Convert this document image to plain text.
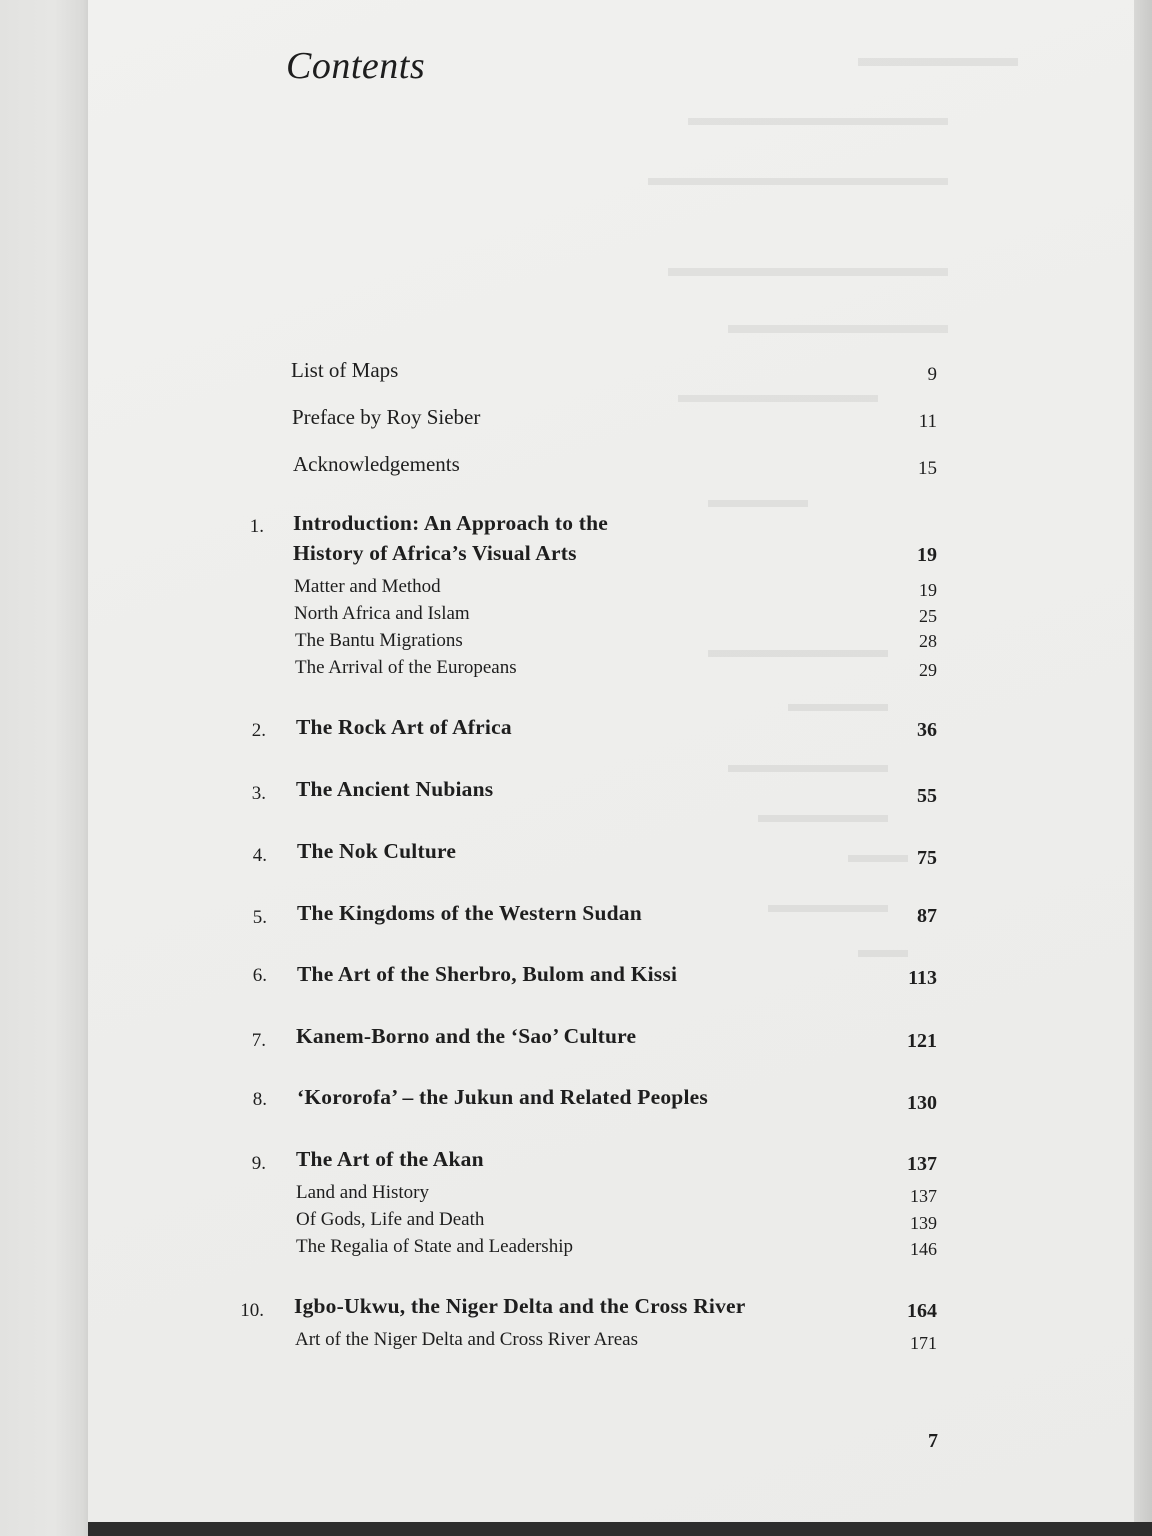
Contents
List of Maps	9
Preface by Roy Sieber	11
Acknowledgements	15
1. Introduction: An Approach to the
History of Africa’s Visual Arts	19
Matter and Method	19
North Africa and Islam	25
The Bantu Migrations	28
The Arrival of the Europeans	29
2. The Rock Art of Africa	36
3. The Ancient Nubians	55
4. The Nok Culture	75
5. The Kingdoms of the Western Sudan	87
6. The Art of the Sherbro, Bulom and Kissi	113
7. Kanem-Borno and the ‘Sao’ Culture	121
8. ‘Kororofa’ – the Jukun and Related Peoples	130
9. The Art of the Akan	137
Land and History	137
Of Gods, Life and Death	139
The Regalia of State and Leadership	146
10. Igbo-Ukwu, the Niger Delta and the Cross River	164
Art of the Niger Delta and Cross River Areas	171
7
